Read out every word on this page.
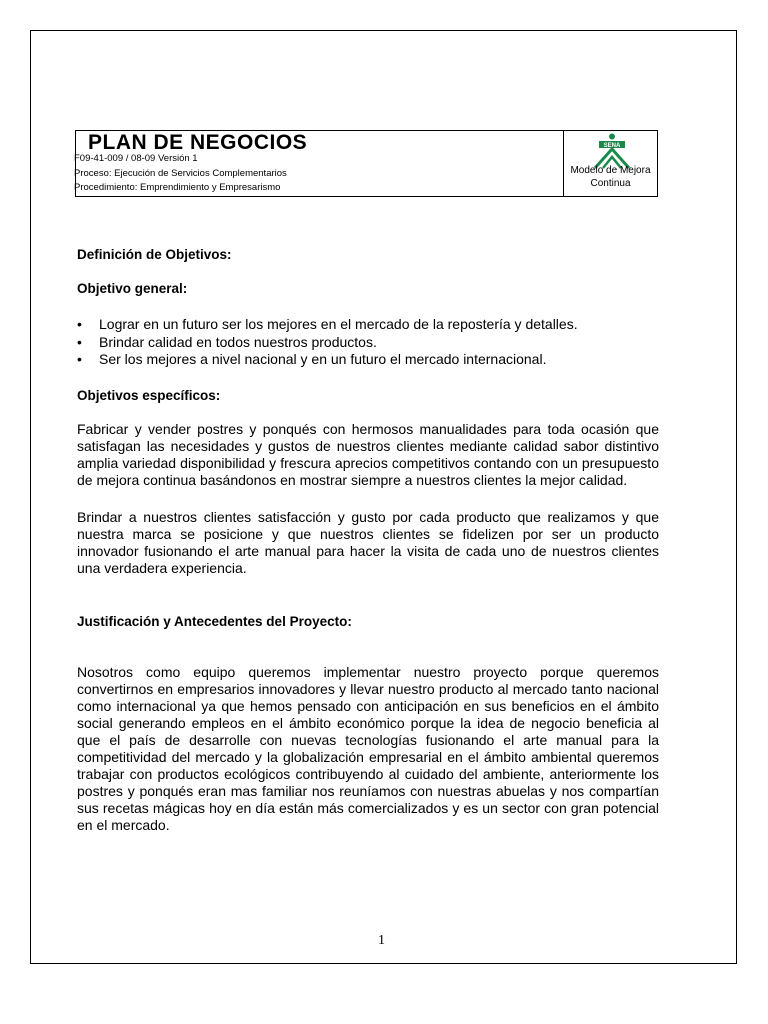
PLAN DE NEGOCIOS
F09-41-009 / 08-09 Versión 1
Proceso: Ejecución de Servicios Complementarios
Procedimiento: Emprendimiento y Empresarismo
SENA
Modelo de Mejora
Continua
Definición de Objetivos:
Objetivo general:
• Lograr en un futuro ser los mejores en el mercado de la repostería y detalles.
• Brindar calidad en todos nuestros productos.
• Ser los mejores a nivel nacional y en un futuro el mercado internacional.
Objetivos específicos:
Fabricar y vender postres y ponqués con hermosos manualidades para toda ocasión que satisfagan las necesidades y gustos de nuestros clientes mediante calidad sabor distintivo amplia variedad disponibilidad y frescura aprecios competitivos contando con un presupuesto de mejora continua basándonos en mostrar siempre a nuestros clientes la mejor calidad.
Brindar a nuestros clientes satisfacción y gusto por cada producto que realizamos y que nuestra marca se posicione y que nuestros clientes se fidelizen por ser un producto innovador fusionando el arte manual para hacer la visita de cada uno de nuestros clientes una verdadera experiencia.
Justificación y Antecedentes del Proyecto:
Nosotros como equipo queremos implementar nuestro proyecto porque queremos convertirnos en empresarios innovadores y llevar nuestro producto al mercado tanto nacional como internacional ya que hemos pensado con anticipación en sus beneficios en el ámbito social generando empleos en el ámbito económico porque la idea de negocio beneficia al que el país de desarrolle con nuevas tecnologías fusionando el arte manual para la competitividad del mercado y la globalización empresarial en el ámbito ambiental queremos trabajar con productos ecológicos contribuyendo al cuidado del ambiente, anteriormente los postres y ponqués eran mas familiar nos reuníamos con nuestras abuelas y nos compartían sus recetas mágicas hoy en día están más comercializados y es un sector con gran potencial en el mercado.
1
